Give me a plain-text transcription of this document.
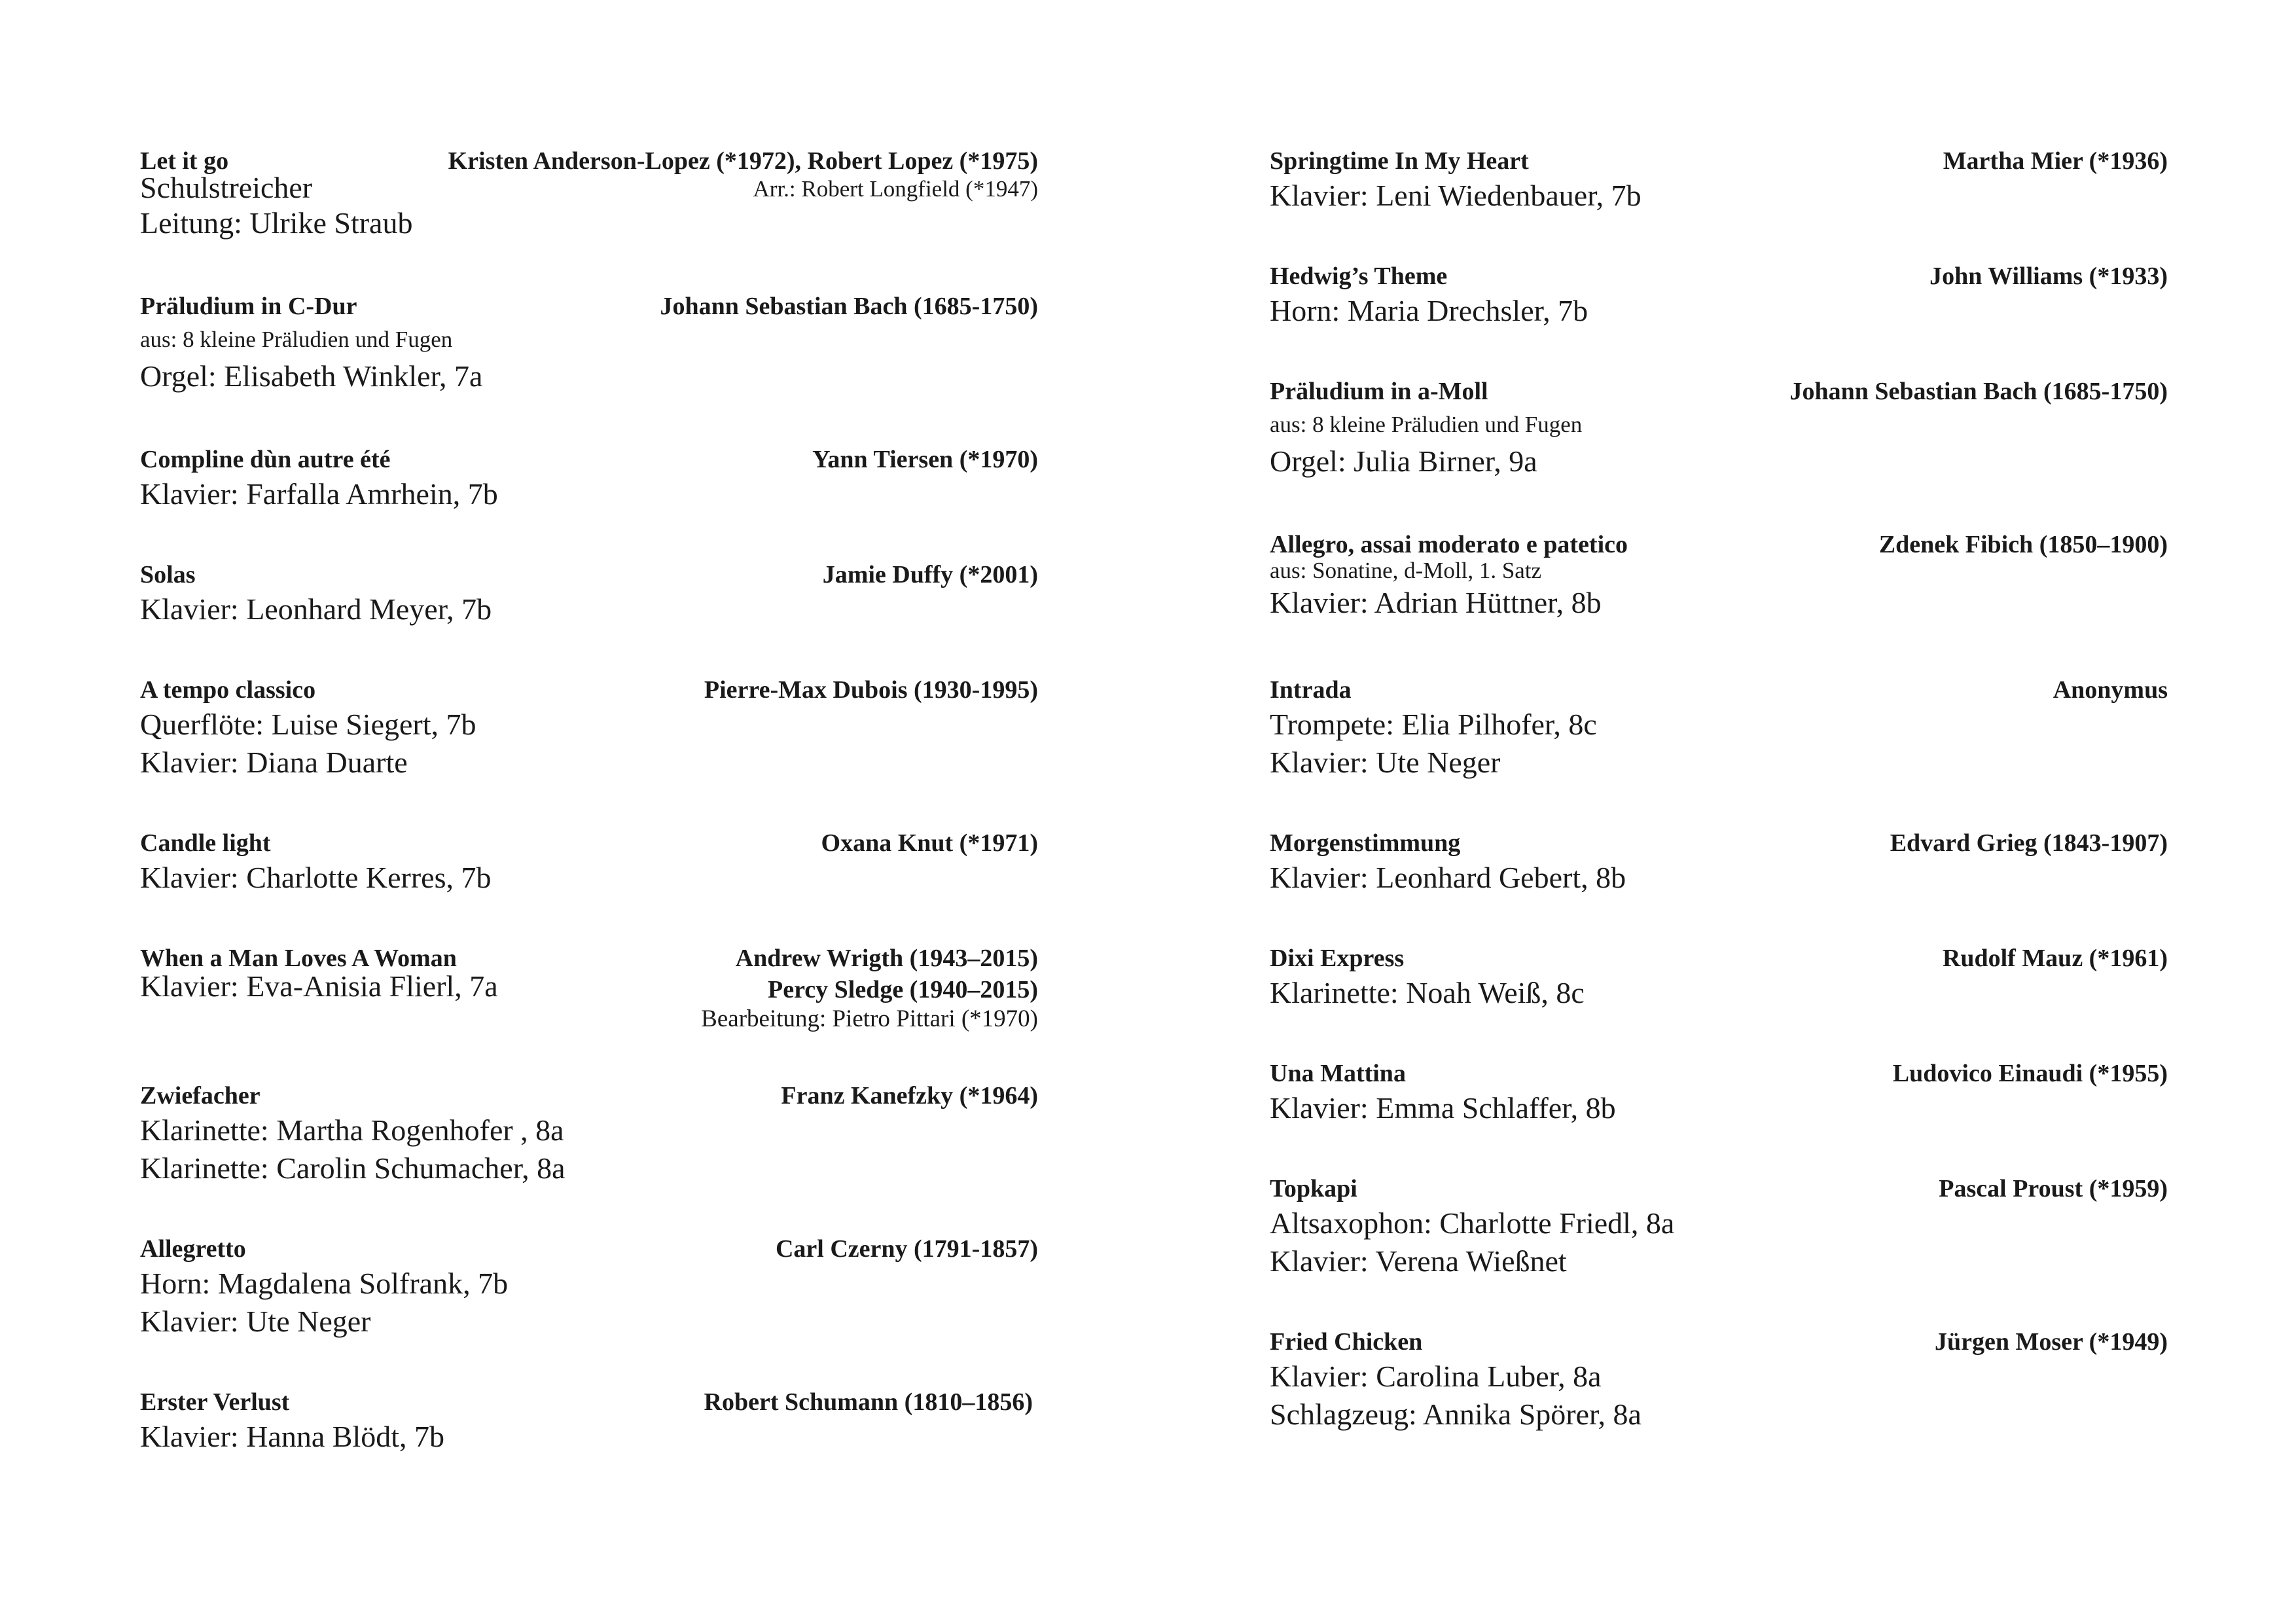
Let it go	Kristen Anderson-Lopez (*1972), Robert Lopez (*1975)
Arr.: Robert Longfield (*1947)
Schulstreicher
Leitung: Ulrike Straub
Präludium in C-Dur	Johann Sebastian Bach (1685-1750)
aus: 8 kleine Präludien und Fugen
Orgel: Elisabeth Winkler, 7a
Compline dùn autre été	Yann Tiersen (*1970)
Klavier: Farfalla Amrhein, 7b
Solas	Jamie Duffy (*2001)
Klavier: Leonhard Meyer, 7b
A tempo classico	Pierre-Max Dubois (1930-1995)
Querflöte: Luise Siegert, 7b
Klavier: Diana Duarte
Candle light	Oxana Knut (*1971)
Klavier: Charlotte Kerres, 7b
When a Man Loves A Woman	Andrew Wrigth (1943–2015)
Percy Sledge (1940–2015)
Bearbeitung: Pietro Pittari (*1970)
Klavier: Eva-Anisia Flierl, 7a
Zwiefacher	Franz Kanefzky (*1964)
Klarinette: Martha Rogenhofer , 8a
Klarinette: Carolin Schumacher, 8a
Allegretto	Carl Czerny (1791-1857)
Horn: Magdalena Solfrank, 7b
Klavier: Ute Neger
Erster Verlust	Robert Schumann (1810–1856)
Klavier: Hanna Blödt, 7b
Springtime In My Heart	Martha Mier (*1936)
Klavier: Leni Wiedenbauer, 7b
Hedwig’s Theme	John Williams (*1933)
Horn: Maria Drechsler, 7b
Präludium in a-Moll	Johann Sebastian Bach (1685-1750)
aus: 8 kleine Präludien und Fugen
Orgel: Julia Birner, 9a
Allegro, assai moderato e patetico	Zdenek Fibich (1850–1900)
aus: Sonatine, d-Moll, 1. Satz
Klavier: Adrian Hüttner, 8b
Intrada	Anonymus
Trompete: Elia Pilhofer, 8c
Klavier: Ute Neger
Morgenstimmung	Edvard Grieg (1843-1907)
Klavier: Leonhard Gebert, 8b
Dixi Express	Rudolf Mauz (*1961)
Klarinette: Noah Weiß, 8c
Una Mattina	Ludovico Einaudi (*1955)
Klavier: Emma Schlaffer, 8b
Topkapi	Pascal Proust (*1959)
Altsaxophon: Charlotte Friedl, 8a
Klavier: Verena Wießnet
Fried Chicken	Jürgen Moser (*1949)
Klavier: Carolina Luber, 8a
Schlagzeug: Annika Spörer, 8a
